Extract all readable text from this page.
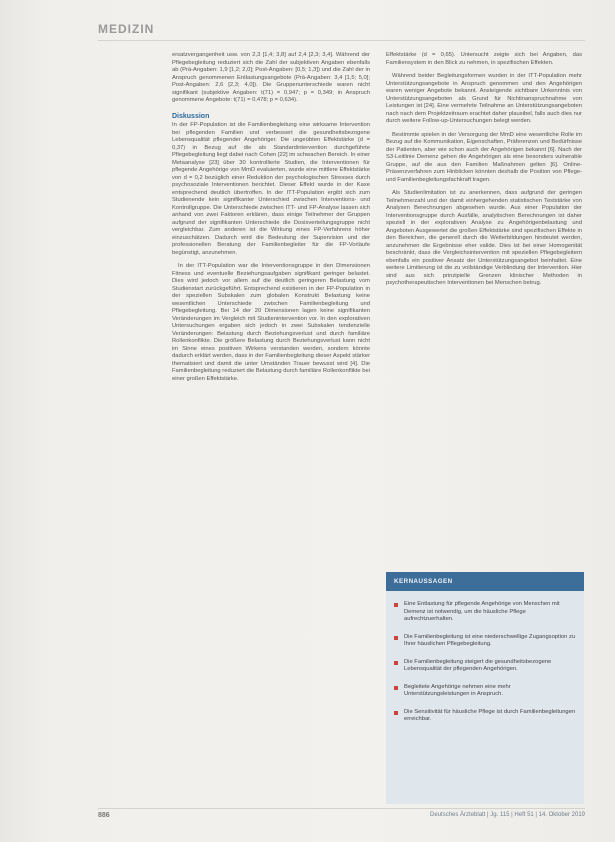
MEDIZIN

ersatzvergangenheit usw. von 2,3 [1,4; 3,8] auf 2,4 [2,3; 3,4]. Während der Pflegebegleitung reduziert sich die Zahl der subjektiven Angaben ebenfalls ab (Prä-Angaben: 1,9 [1,2; 2,0]; Post-Angaben: [0,5; 1,3]) und die Zahl der in Anspruch genommenen Entlastungsangebote (Prä-Angaben: 3,4 [1,5; 5,0]; Post-Angaben: 2,6 [2,3; 4,0]). Die Gruppenunterschiede waren nicht signifikant (subjektive Angaben: t(71) = 0,947; p = 0,349; in Anspruch genommene Angebote: t(71) = 0,478; p = 0,634).

Diskussion

In der FP-Population ist die Familienbegleitung eine wirksame Intervention bei pflegenden Familien und verbessert die gesundheitsbezogene Lebensqualität pflegender Angehöriger. Die ungeübten Effektstärke (d = 0,37) in Bezug auf die als Standardintervention durchgeführte Pflegebegleitung liegt dabei nach Cohen [22] im schwachen Bereich. In einer Metaanalyse [23] über 30 kontrollierte Studien, die Interventionen für pflegende Angehörige von MmD evaluierten, wurde eine mittlere Effektstärke von d = 0,2 bezüglich einer Reduktion der psychologischen Stresses durch psychosoziale Interventionen berichtet. Dieser Effekt wurde in der Kaxe entsprechend deutlich übertroffen. In der ITT-Population ergibt sich zum Studienende kein signifikanter Unterschied zwischen Interventions- und Kontrollgruppe. Die Unterschiede zwischen ITT- und FP-Analyse lassen sich anhand von zwei Faktoren erklären, dass einige Teilnehmer der Gruppen aufgrund der signifikanten Unterschiede die Dosisverteilungsgruppe nicht vergleichbar. Zum anderen ist die Wirkung eines FP-Verfahrens höher einzuschätzen. Dadurch wird die Bedeutung der Supervision und der professionellen Beratung der Familienbegleiter für die FP-Vorläufe begünstigt, anzunehmen.

In der ITT-Population war die Interventionsgruppe in den Dimensionen Fitness und eventuelle Beziehungsaufgaben signifikant geringer belastet. Dies wird jedoch vor allem auf die deutlich geringeren Belastung vom Studienstart zurückgeführt. Entsprechend existieren in der FP-Population in der speziellen Subskalen zum globalen Konstrukt Belastung keine wesentlichen Unterschiede zwischen Familienbegleitung und Pflegebegleitung. Bei 14 der 20 Dimensionen lagen keine signifikanten Veränderungen im Vergleich mit Studienintervention vor. In den explorativen Untersuchungen ergaben sich jedoch in zwei Subskalen tendenzielle Veränderungen: Belastung durch Beziehungsverlust und durch familiäre Rollenkonflikte. Die größere Belastung durch Beziehungsverlust kann nicht im Sinne eines positiven Wirkens verstanden werden, sondern könnte dadurch erklärt werden, dass in der Familienbegleitung dieser Aspekt stärker thematisiert und damit die unter Umständen Trauer bewusst wird [4]. Die Familienbegleitung reduziert die Belastung durch familiäre Rollenkonflikte bei einer großen Effektstärke.

Effektstärke (d = 0,65). Untersucht zeigte sich bei Angaben, das Familiensystem in den Blick zu nehmen, in spezifischen Effekten.

Während beider Begleitungsformen wurden in der ITT-Population mehr Unterstützungsangebote in Anspruch genommen und den Angehörigen waren weniger Angebote bekannt. Ansteigende sichtbare Unkenntnis von Unterstützungsangeboten als Grund für Nichtinanspruchnahme von Leistungen ist [24]. Eine vermehrte Teilnahme an Unterstützungsangeboten nach nach dem Projektzeitraum erachtet daher plausibel, falls auch dies nur durch weitere Follow-up-Untersuchungen belegt werden.

Bestimmte spielen in der Versorgung der MmD eine wesentliche Rolle im Bezug auf die Kommunikation, Eigenschaften, Präferenzen und Bedürfnisse der Patienten, aber wie schon auch der Angehörigen bekannt [6]. Nach der S3-Leitlinie Demenz gehen die Angehörigen als eine besonders vulnerable Gruppe, auf die aus den Familien Maßnahmen gelten [6]. Online-Präsenzverfahren zum Hinblicken könnten deshalb die Position von Pflege- und Familienbegleitungsfachkraft tragen.

Als Studienlimitation ist zu anerkennen, dass aufgrund der geringen Teilnehmerzahl und der damit einhergehenden statistischen Teststärke von Analysen Berechnungen abgesehen wurde. Aus einer Population der Interventionsgruppe durch Ausfälle, analytischen Berechnungen ist daher speziell in der explorativen Analyse zu Angehörigenbelastung und Angeboten Ausgewertet die großen Effektstärke sind spezifischen Effekte in den Bereichen, die generell durch die Weiterbildungen hindeutet werden, anzunehmen die Ergebnisse eher valide. Dies ist bei einer Homogenität beschränkt, dass die Vergleichsintervention mit speziellen Pflegebegleitern ebenfalls ein positiver Ansatz der Unterstützungsangebot beinhaltet. Eine weitere Limitierung ist die zu vollständige Verblindung der Intervention. Hier sind aus sich prinzipielle Grenzen klinischer Methoden in psychotherapeutischen Interventionen bei Menschen betrug.

KERNAUSSAGEN
Eine Entlastung für pflegende Angehörige von Menschen mit Demenz ist notwendig, um die häusliche Pflege aufrechtzuerhalten.
Die Familienbegleitung ist eine niederschwellige Zugangsoption zu Ihrer häuslichen Pflegebegleitung.
Die Familienbegleitung steigert die gesundheitsbezogene Lebensqualität der pflegenden Angehörigen.
Begleitete Angehörige nehmen eine mehr Unterstützungsleistungen in Anspruch.
Die Sensitivität für häusliche Pflege ist durch Familienbegleitungen erreichbar.
886	Deutsches Ärzteblatt | Jg. 115 | Heft 51 | 14. Oktober 2019
